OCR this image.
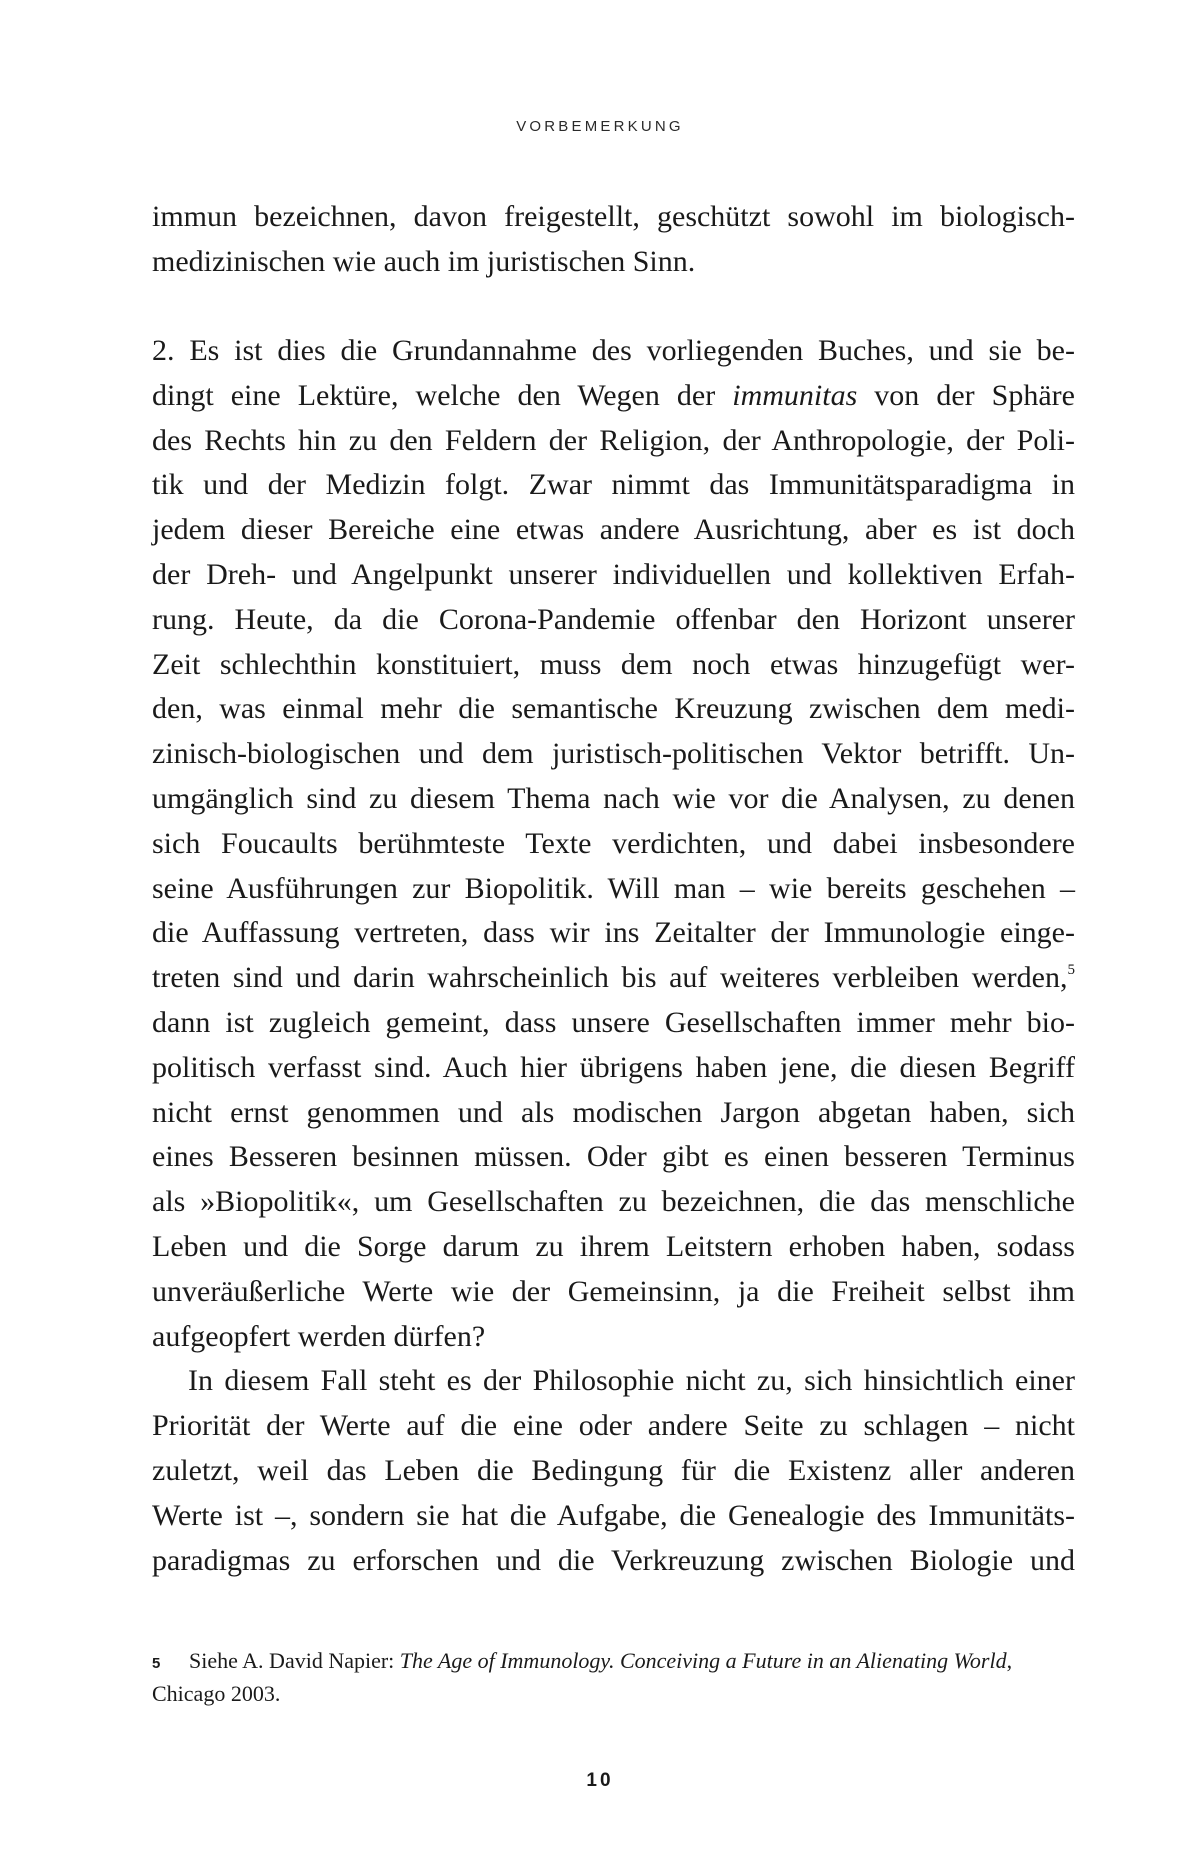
VORBEMERKUNG
immun bezeichnen, davon freigestellt, geschützt sowohl im biologisch-
medizinischen wie auch im juristischen Sinn.
2. Es ist dies die Grundannahme des vorliegenden Buches, und sie be-
dingt eine Lektüre, welche den Wegen der immunitas von der Sphäre
des Rechts hin zu den Feldern der Religion, der Anthropologie, der Poli-
tik und der Medizin folgt. Zwar nimmt das Immunitätsparadigma in
jedem dieser Bereiche eine etwas andere Ausrichtung, aber es ist doch
der Dreh- und Angelpunkt unserer individuellen und kollektiven Erfah-
rung. Heute, da die Corona-Pandemie offenbar den Horizont unserer
Zeit schlechthin konstituiert, muss dem noch etwas hinzugefügt wer-
den, was einmal mehr die semantische Kreuzung zwischen dem medi-
zinisch-biologischen und dem juristisch-politischen Vektor betrifft. Un-
umgänglich sind zu diesem Thema nach wie vor die Analysen, zu denen
sich Foucaults berühmteste Texte verdichten, und dabei insbesondere
seine Ausführungen zur Biopolitik. Will man – wie bereits geschehen –
die Auffassung vertreten, dass wir ins Zeitalter der Immunologie einge-
treten sind und darin wahrscheinlich bis auf weiteres verbleiben werden,$^5$
dann ist zugleich gemeint, dass unsere Gesellschaften immer mehr bio-
politisch verfasst sind. Auch hier übrigens haben jene, die diesen Begriff
nicht ernst genommen und als modischen Jargon abgetan haben, sich
eines Besseren besinnen müssen. Oder gibt es einen besseren Terminus
als »Biopolitik«, um Gesellschaften zu bezeichnen, die das menschliche
Leben und die Sorge darum zu ihrem Leitstern erhoben haben, sodass
unveräußerliche Werte wie der Gemeinsinn, ja die Freiheit selbst ihm
aufgeopfert werden dürfen?
In diesem Fall steht es der Philosophie nicht zu, sich hinsichtlich einer
Priorität der Werte auf die eine oder andere Seite zu schlagen – nicht
zuletzt, weil das Leben die Bedingung für die Existenz aller anderen
Werte ist –, sondern sie hat die Aufgabe, die Genealogie des Immunitäts-
paradigmas zu erforschen und die Verkreuzung zwischen Biologie und
5 Siehe A. David Napier: The Age of Immunology. Conceiving a Future in an Alienating World,
Chicago 2003.
10
